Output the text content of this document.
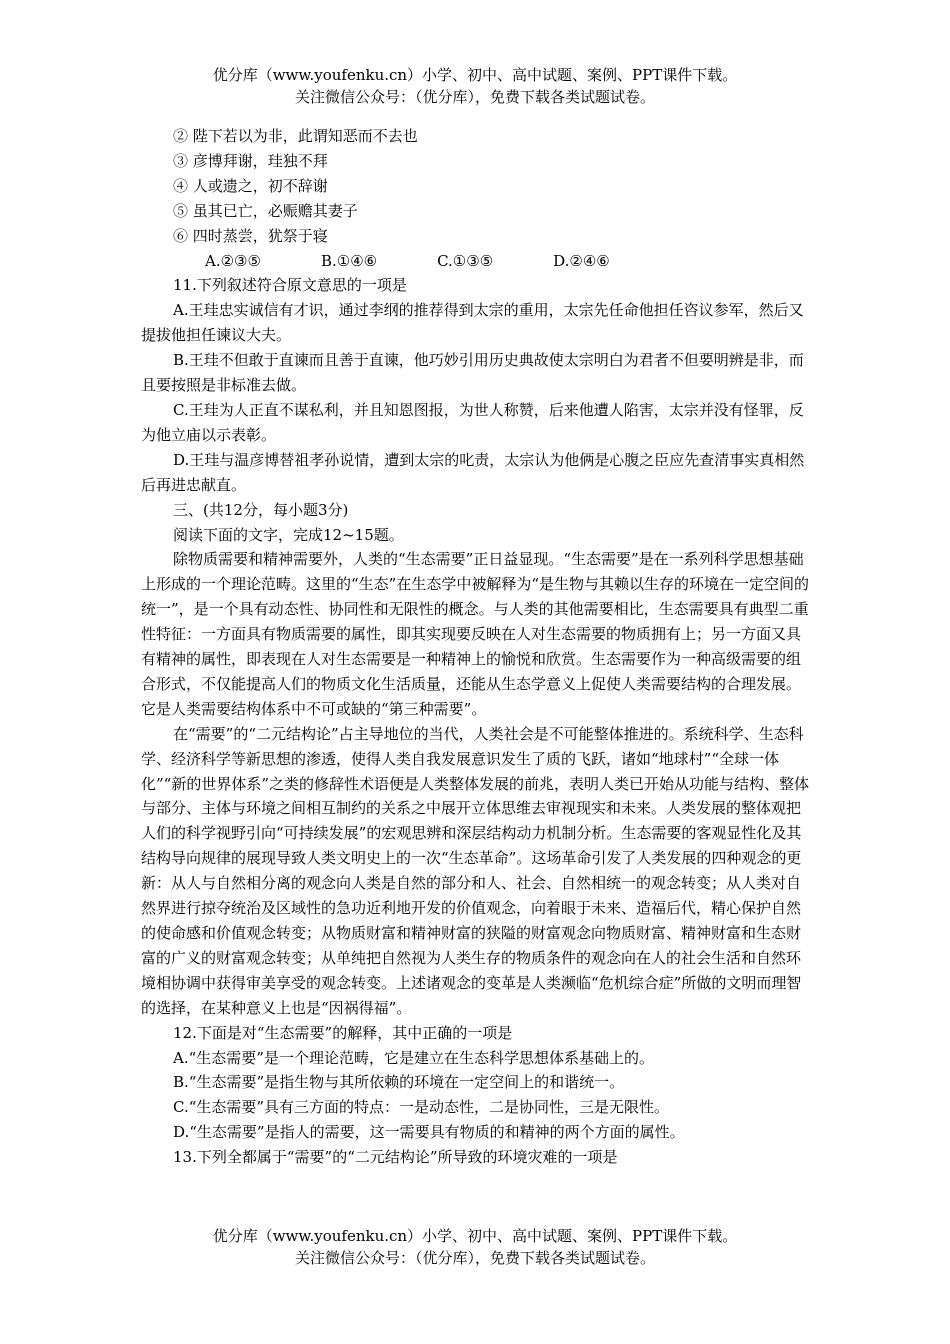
优分库（www.youfenku.cn）小学、初中、高中试题、案例、PPT课件下载。
关注微信公众号：（优分库），免费下载各类试题试卷。

② 陛下若以为非，此谓知恶而不去也

③ 彦博拜谢，珪独不拜

④ 人或遗之，初不辞谢

⑤ 虽其已亡，必赈赡其妻子

⑥ 四时蒸尝，犹祭于寝

A.②③⑤	B.①④⑥	C.①③⑤	D.②④⑥

11.下列叙述符合原文意思的一项是

A.王珪忠实诚信有才识，通过李纲的推荐得到太宗的重用，太宗先任命他担任咨议参军，然后又提拔他担任谏议大夫。

B.王珪不但敢于直谏而且善于直谏，他巧妙引用历史典故使太宗明白为君者不但要明辨是非，而且要按照是非标准去做。

C.王珪为人正直不谋私利，并且知恩图报，为世人称赞，后来他遭人陷害，太宗并没有怪罪，反为他立庙以示表彰。

D.王珪与温彦博替祖孝孙说情，遭到太宗的叱责，太宗认为他俩是心腹之臣应先查清事实真相然后再进忠献直。

三、(共12分，每小题3分)

阅读下面的文字，完成12~15题。

除物质需要和精神需要外，人类的“生态需要”正日益显现。“生态需要”是在一系列科学思想基础上形成的一个理论范畴。这里的“生态”在生态学中被解释为“是生物与其赖以生存的环境在一定空间的统一”，是一个具有动态性、协同性和无限性的概念。与人类的其他需要相比，生态需要具有典型二重性特征：一方面具有物质需要的属性，即其实现要反映在人对生态需要的物质拥有上；另一方面又具有精神的属性，即表现在人对生态需要是一种精神上的愉悦和欣赏。生态需要作为一种高级需要的组合形式，不仅能提高人们的物质文化生活质量，还能从生态学意义上促使人类需要结构的合理发展。它是人类需要结构体系中不可或缺的“第三种需要”。

在“需要”的“二元结构论”占主导地位的当代，人类社会是不可能整体推进的。系统科学、生态科学、经济科学等新思想的渗透，使得人类自我发展意识发生了质的飞跃，诸如“地球村”“全球一体化”“新的世界体系”之类的修辞性术语便是人类整体发展的前兆，表明人类已开始从功能与结构、整体与部分、主体与环境之间相互制约的关系之中展开立体思维去审视现实和未来。人类发展的整体观把人们的科学视野引向“可持续发展”的宏观思辨和深层结构动力机制分析。生态需要的客观显性化及其结构导向规律的展现导致人类文明史上的一次“生态革命”。这场革命引发了人类发展的四种观念的更新：从人与自然相分离的观念向人类是自然的部分和人、社会、自然相统一的观念转变；从人类对自然界进行掠夺统治及区域性的急功近利地开发的价值观念，向着眼于未来、造福后代，精心保护自然的使命感和价值观念转变；从物质财富和精神财富的狭隘的财富观念向物质财富、精神财富和生态财富的广义的财富观念转变；从单纯把自然视为人类生存的物质条件的观念向在人的社会生活和自然环境相协调中获得审美享受的观念转变。上述诸观念的变革是人类濒临“危机综合症”所做的文明而理智的选择，在某种意义上也是“因祸得福”。

12.下面是对“生态需要”的解释，其中正确的一项是

A.“生态需要”是一个理论范畴，它是建立在生态科学思想体系基础上的。

B.“生态需要”是指生物与其所依赖的环境在一定空间上的和谐统一。

C.“生态需要”具有三方面的特点：一是动态性，二是协同性，三是无限性。

D.“生态需要”是指人的需要，这一需要具有物质的和精神的两个方面的属性。

13.下列全都属于“需要”的“二元结构论”所导致的环境灾难的一项是

优分库（www.youfenku.cn）小学、初中、高中试题、案例、PPT课件下载。
关注微信公众号：（优分库），免费下载各类试题试卷。
